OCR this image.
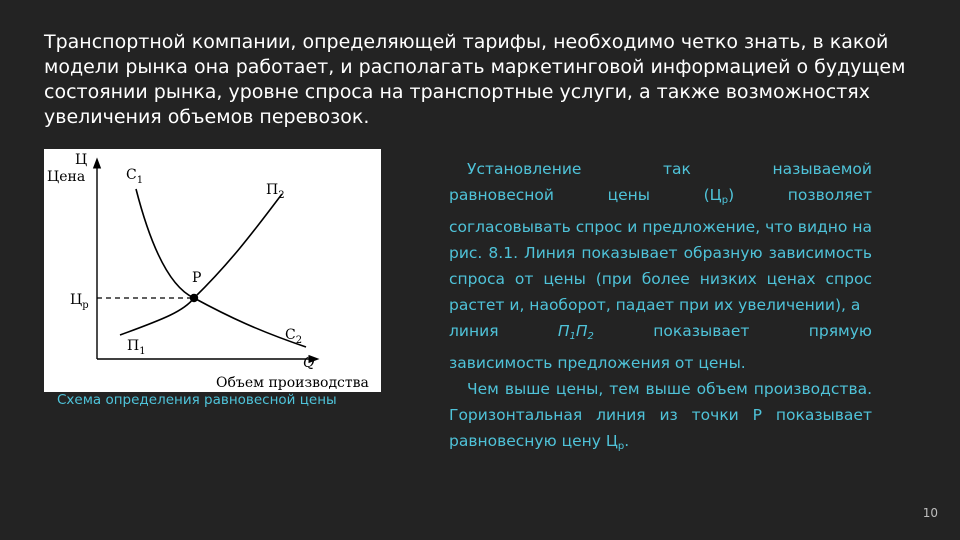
Транспортной компании, определяющей тарифы, необходимо четко знать, в какой модели рынка она работает, и располагать маркетинговой информацией о будущем состоянии рынка, уровне спроса на транспортные услуги, а также возможностях увеличения объемов перевозок.
Ц
Цена
$Ц_р$
P
$C_1$
$C_2$
$П_2$
$П_1$
Q
Объем производства
Схема определения равновесной цены

Установление так называемой

равновесной цены $(Ц_р)$ позволяет

согласовывать спрос и предложение, что видно на рис. 8.1. Линия показывает образную зависимость спроса от цены (при более низких ценах спрос растет и, наоборот, падает при их увеличении), а

линия	$П_1П_2$	показывает прямую

зависимость предложения от цены.

Чем выше цены, тем выше объем производства. Горизонтальная линия из точки P показывает равновесную цену $Ц_р$.

10
